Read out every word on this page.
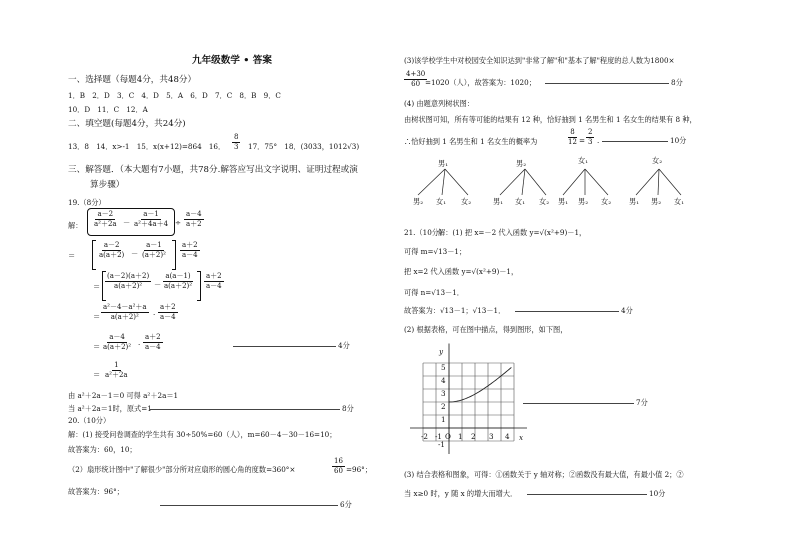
九年级数学 • 答案
一、选择题（每题4分，共48分）
1．B　2．D　3．C　4．D　5．A　6．D　7．C　8．B　9．C
10．D　11．C　12．A
二、填空题(每题4分，共24分)
13．8　14．x>-1　15．x(x+12)=864　16． $\frac{8}{3} 17$．75°　18．(3033，1012√3)
三、解答题．（本大题有7小题，共78分.解答应写出文字说明、证明过程或演
算步骤）
19.（8分）
解： $\frac{a-2}{\text{a²＋2a}} - \frac{a-1}{\text{a²＋4a＋4}} \div \frac{a-4}{a+2}$
＝	$\frac{a-2}{a(a+2)} - \frac{a-1}{\text{(a＋2)²}} \frac{a+2}{a-4}$
＝ $\frac{(a-2)(a+2)}{\text{a(a＋2)²}} - \frac{a(a-1)}{\text{a(a＋2)²}} \frac{a+2}{a-4}$
＝ $\frac{\text{a²－4－a²＋a}}{\text{a(a＋2)²}} \cdot \frac{a+2}{a-4}$
＝ $\frac{a-4}{\text{a(a＋2)²}} \cdot \frac{a+2}{a-4}$	4分
＝ $\frac{1}{\text{a²＋2a}}$
由 a²＋2a－1＝0 可得 a²＋2a＝1
当 a²＋2a＝1时，原式=1	8分
20.（10分）
解：(1) 接受问卷调查的学生共有 30÷50%=60（人），m=60－4－30－16=10；
故答案为：60，10；
（2）扇形统计图中"了解很少"部分所对应扇形的圆心角的度数=360°×	$\frac{16}{60} =96^\circ$；
故答案为：96°；
6分
(3)该学校学生中对校园安全知识达到"非常了解"和"基本了解"程度的总人数为1800×
$\frac{4+30}{60}$
=1020（人），故答案为：1020；	8分
(4) 由题意列树状图：
由树状图可知，所有等可能的结果有 12 种，恰好抽到 1 名男生和 1 名女生的结果有 8 种，
∴恰好抽到 1 名男生和 1 名女生的概率为	$\frac{8}{12} = \frac{2}{3}$ .	10分
男₁	男₂	女₁	女₂
男₂ 女₁ 女₂	男₁ 女₁ 女₂ 男₁ 男₂ 女₂ 男₁ 男₂ 女₁
21.（10分）
解：(1) 把 x=－2 代入函数 y=√(x²+9)－1，
可得 m=√13－1；
把 x=2 代入函数 y=√(x²+9)－1，
可得 n=√13－1．
故答案为：√13－1；√13－1．	4分
(2) 根据表格，可在图中描点，得到图形，如下图，
y
x
O
-2 -1 1 2 3 4
5
4
3
2
1
-1
7分
(3) 结合表格和图象，可得：①函数关于 y 轴对称；②函数没有最大值，有最小值 2；②
当 x≥0 时，y 随 x 的增大而增大．	10分
